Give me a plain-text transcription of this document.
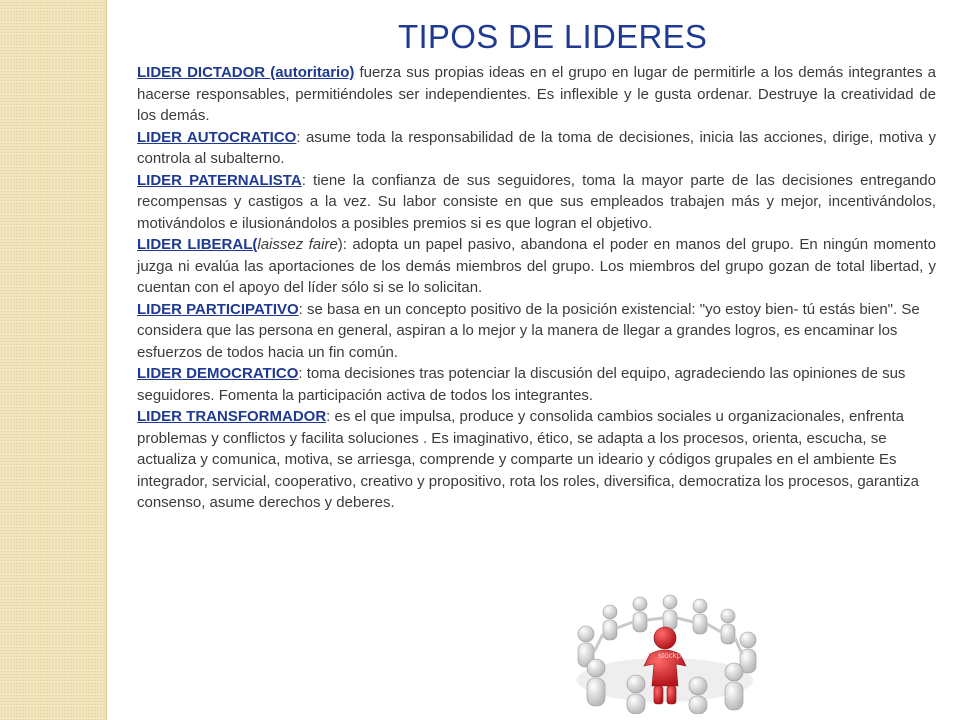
TIPOS DE LIDERES

LIDER DICTADOR (autoritario) fuerza sus propias ideas en el grupo en lugar de permitirle a los demás integrantes a hacerse responsables, permitiéndoles ser independientes. Es inflexible y le gusta ordenar. Destruye la creatividad de los demás.

LIDER AUTOCRATICO: asume toda la responsabilidad de la toma de decisiones, inicia las acciones, dirige, motiva y controla al subalterno.

LIDER PATERNALISTA: tiene la confianza de sus seguidores, toma la mayor parte de las decisiones entregando recompensas y castigos a la vez. Su labor consiste en que sus empleados trabajen más y mejor, incentivándolos, motivándolos e ilusionándolos a posibles premios si es que logran el objetivo.

LIDER LIBERAL(laissez faire): adopta un papel pasivo, abandona el poder en manos del grupo. En ningún momento juzga ni evalúa las aportaciones de los demás miembros del grupo. Los miembros del grupo gozan de total libertad, y cuentan con el apoyo del líder sólo si se lo solicitan.

LIDER PARTICIPATIVO: se basa en un concepto positivo de la posición existencial: "yo estoy bien- tú estás bien". Se considera que las persona en general, aspiran a lo mejor y la manera de llegar a grandes logros, es encaminar los esfuerzos de todos hacia un fin común.

LIDER DEMOCRATICO: toma decisiones tras potenciar la discusión del equipo, agradeciendo las opiniones de sus seguidores. Fomenta la participación activa de todos los integrantes.

LIDER TRANSFORMADOR: es el que impulsa, produce y consolida cambios sociales u organizacionales, enfrenta problemas y conflictos y facilita soluciones . Es imaginativo, ético, se adapta a los procesos, orienta, escucha, se actualiza y comunica, motiva, se arriesga, comprende y comparte un ideario y códigos grupales en el ambiente Es integrador, servicial, cooperativo, creativo y propositivo, rota los roles, diversifica, democratiza los procesos, garantiza consenso, asume derechos y deberes.

stockphoto
